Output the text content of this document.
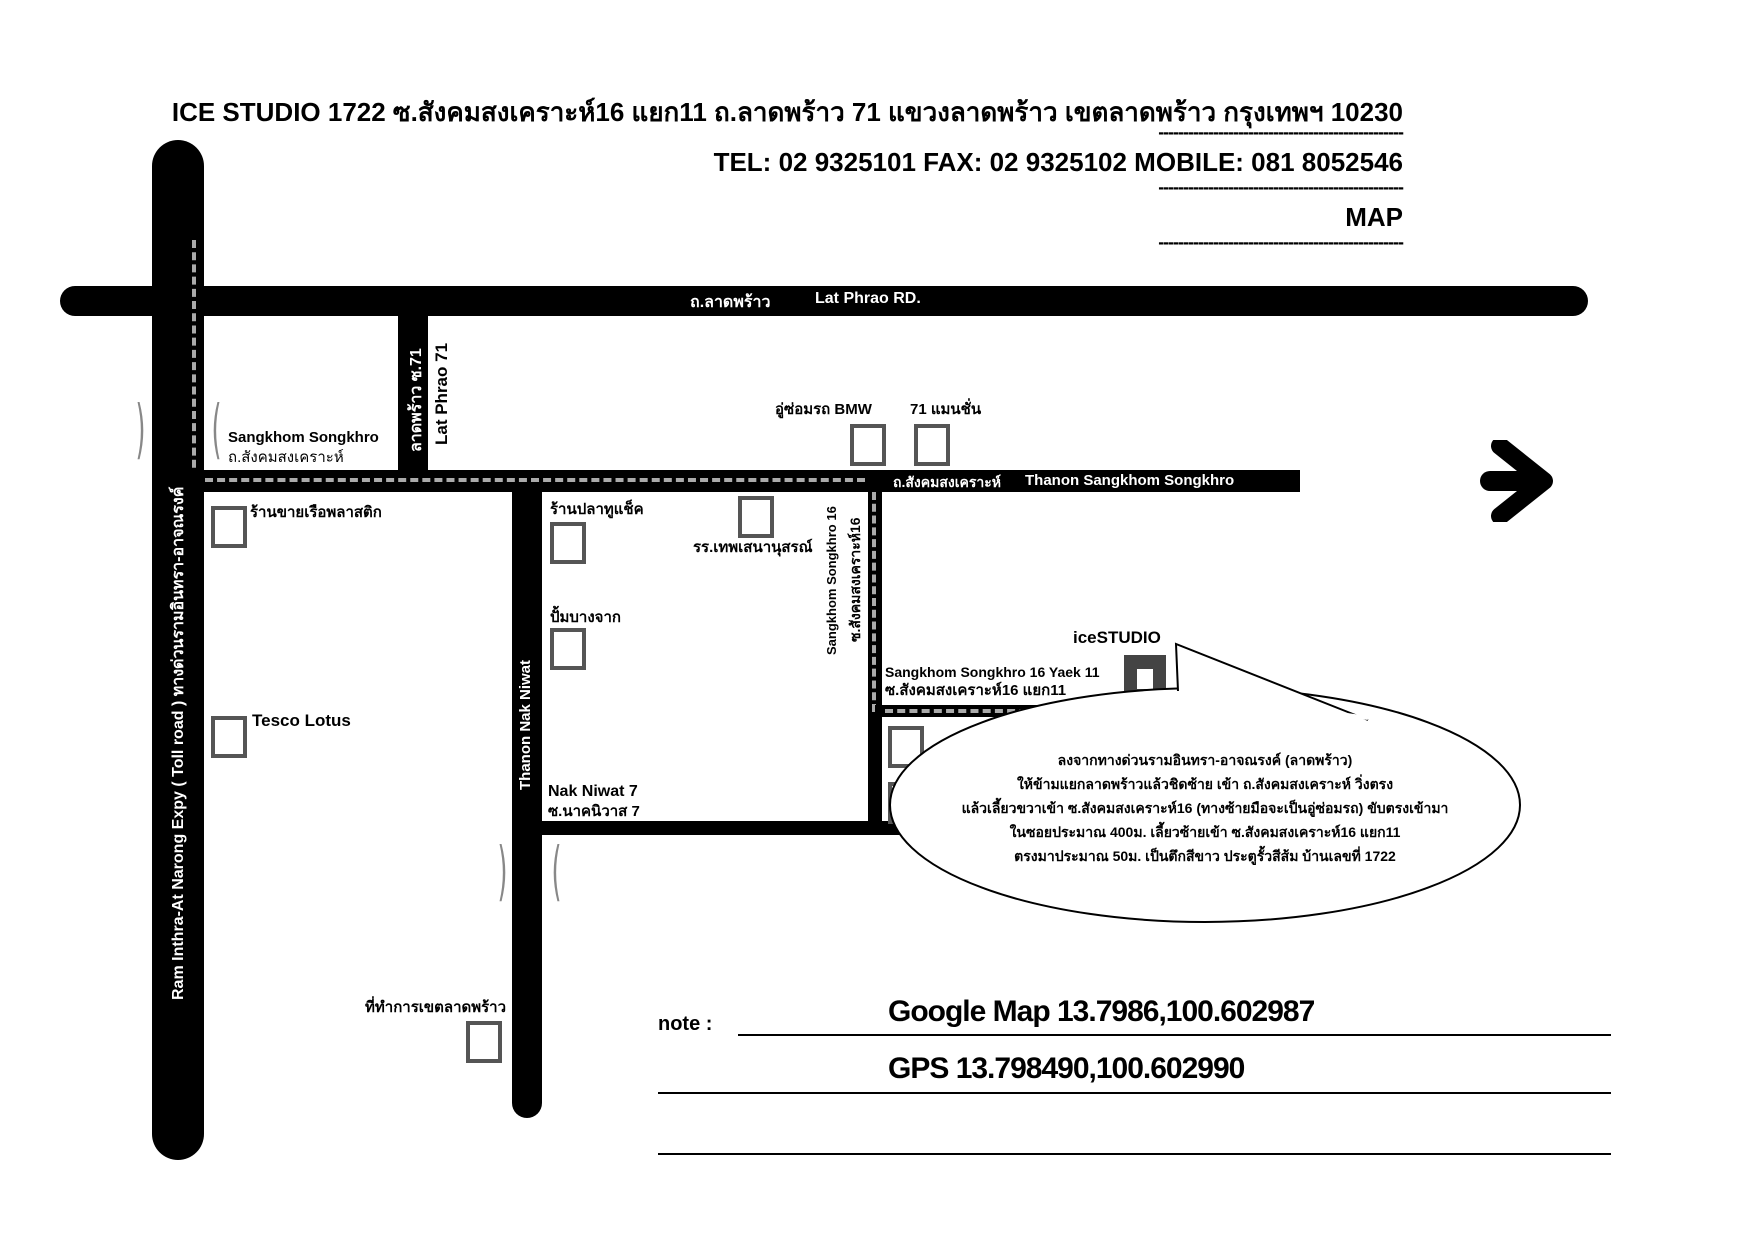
ICE STUDIO 1722 ซ.สังคมสงเคราะห์16 แยก11 ถ.ลาดพร้าว 71 แขวงลาดพร้าว เขตลาดพร้าว กรุงเทพฯ 10230
-------------------------------------------------
TEL: 02 9325101 FAX: 02 9325102 MOBILE: 081 8052546
-------------------------------------------------
MAP
-------------------------------------------------
ถ.ลาดพร้าว	Lat Phrao RD.
ถ.สังคมสงเคราะห์ Thanon Sangkhom Songkhro	ทางไปโชคชัย4 ซ.6
Ram Inthra-At Narong Expy ( Toll road ) ทางด่วนรามอินทรา-อาจณรงค์
ลาดพร้าว ซ.71 Lat Phrao 71
ถ.นาคนิวาส
Thanon Nak Niwat
Sangkhom Songkhro 16 ซ.สังคมสงเคราะห์16
Sangkhom Songkhro
ถ.สังคมสงเคราะห์
Sangkhom Songkhro 16 Yaek 11
ซ.สังคมสงเคราะห์16 แยก11
Nak Niwat 7
ซ.นาคนิวาส 7
) (
) (
อู่ซ่อมรถ BMW	71 แมนชั่น
ร้านขายเรือพลาสติก	ร้านปลาทูแช็ค
รร.เทพเสนานุสรณ์
ปั้มบางจาก
Tesco Lotus
iceSTUDIO
ที่ทำการเขตลาดพร้าว
ลงจากทางด่วนรามอินทรา-อาจณรงค์ (ลาดพร้าว)
ให้ข้ามแยกลาดพร้าวแล้วชิดซ้าย เข้า ถ.สังคมสงเคราะห์ วิ่งตรง
แล้วเลี้ยวขวาเข้า ซ.สังคมสงเคราะห์16 (ทางซ้ายมือจะเป็นอู่ซ่อมรถ) ขับตรงเข้ามา
ในซอยประมาณ 400ม. เลี้ยวซ้ายเข้า ซ.สังคมสงเคราะห์16 แยก11
ตรงมาประมาณ 50ม. เป็นตึกสีขาว ประตูรั้วสีส้ม บ้านเลขที่ 1722
note :	Google Map 13.7986,100.602987
GPS 13.798490,100.602990
